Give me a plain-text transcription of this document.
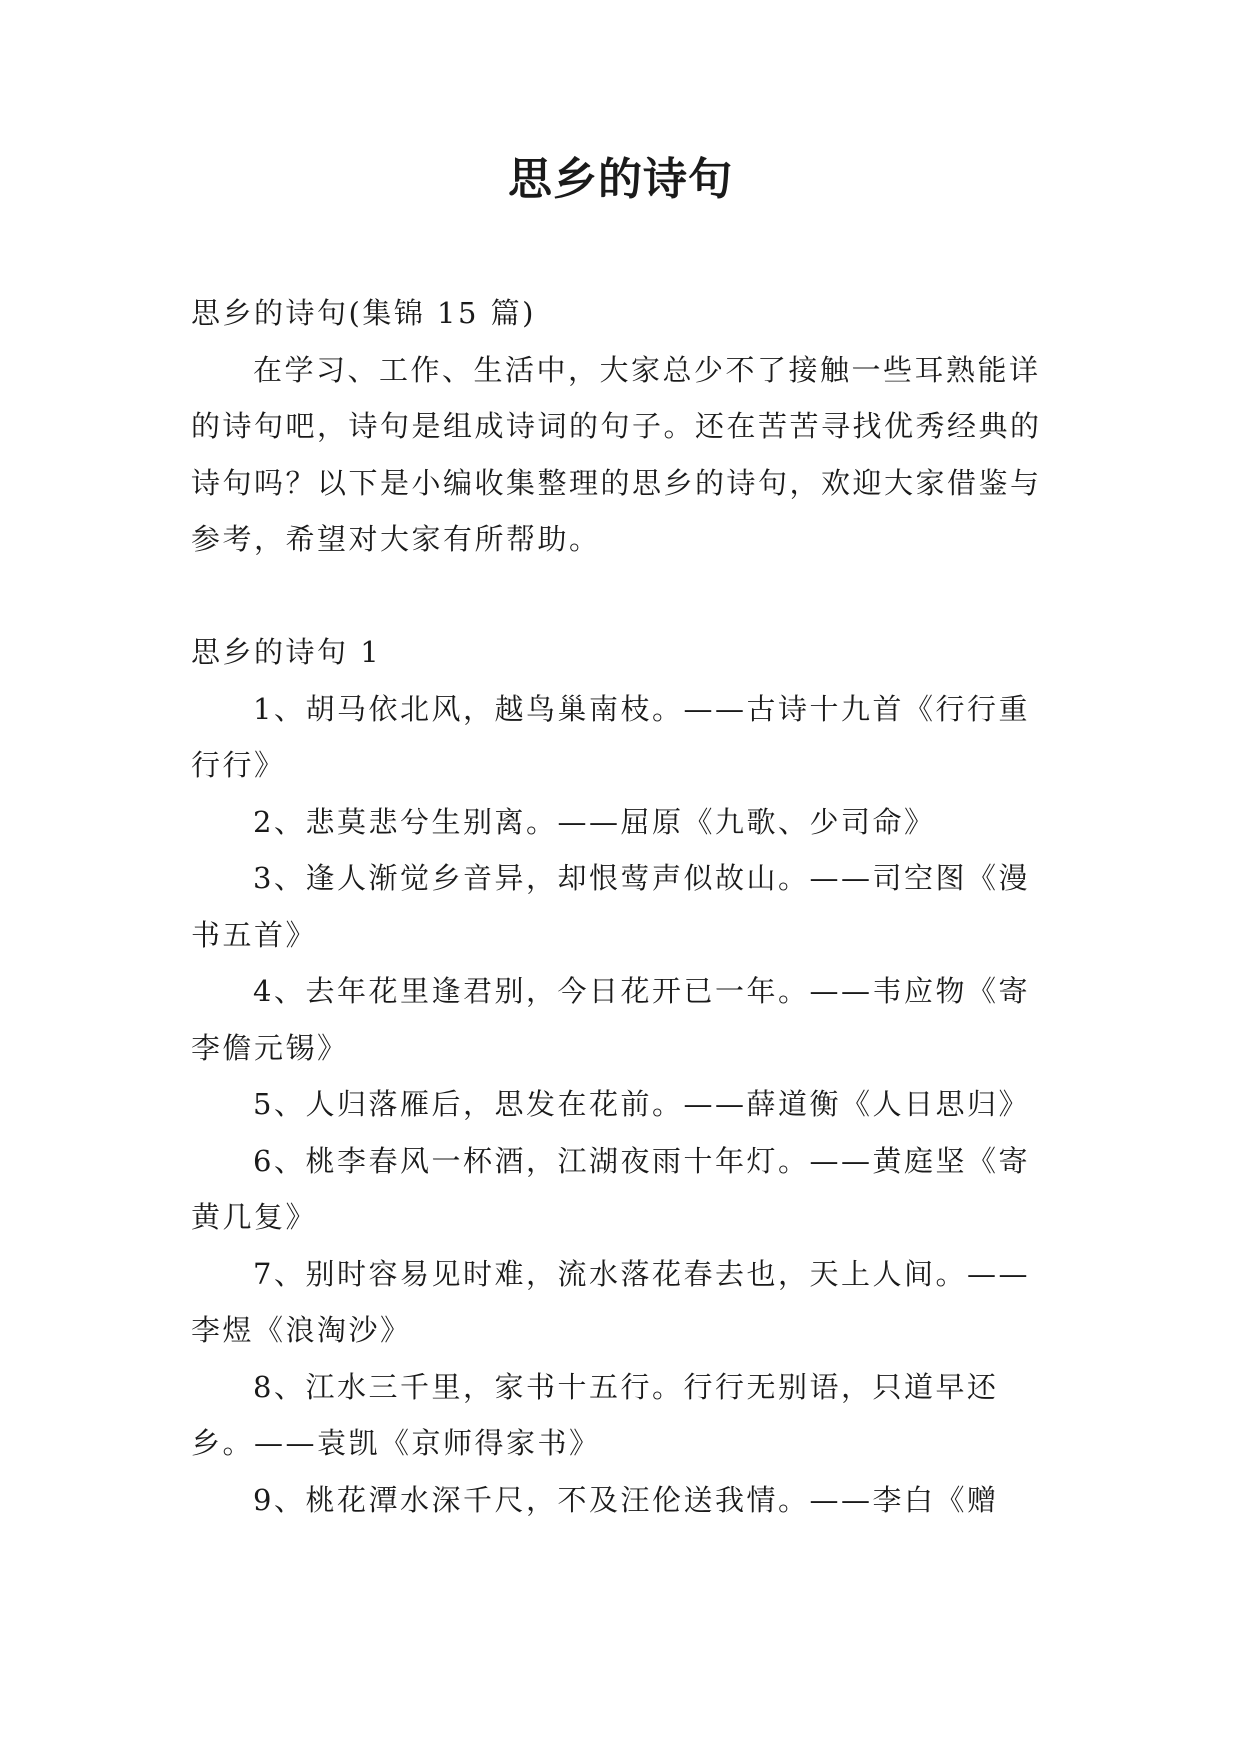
思乡的诗句

思乡的诗句(集锦 15 篇)

在学习、工作、生活中，大家总少不了接触一些耳熟能详的诗句吧，诗句是组成诗词的句子。还在苦苦寻找优秀经典的诗句吗？以下是小编收集整理的思乡的诗句，欢迎大家借鉴与参考，希望对大家有所帮助。

思乡的诗句 1

1、胡马依北风，越鸟巢南枝。——古诗十九首《行行重行行》

2、悲莫悲兮生别离。——屈原《九歌、少司命》

3、逢人渐觉乡音异，却恨莺声似故山。——司空图《漫书五首》

4、去年花里逢君别，今日花开已一年。——韦应物《寄李儋元锡》

5、人归落雁后，思发在花前。——薛道衡《人日思归》

6、桃李春风一杯酒，江湖夜雨十年灯。——黄庭坚《寄黄几复》

7、别时容易见时难，流水落花春去也，天上人间。——李煜《浪淘沙》

8、江水三千里，家书十五行。行行无别语，只道早还乡。——袁凯《京师得家书》

9、桃花潭水深千尺，不及汪伦送我情。——李白《赠
